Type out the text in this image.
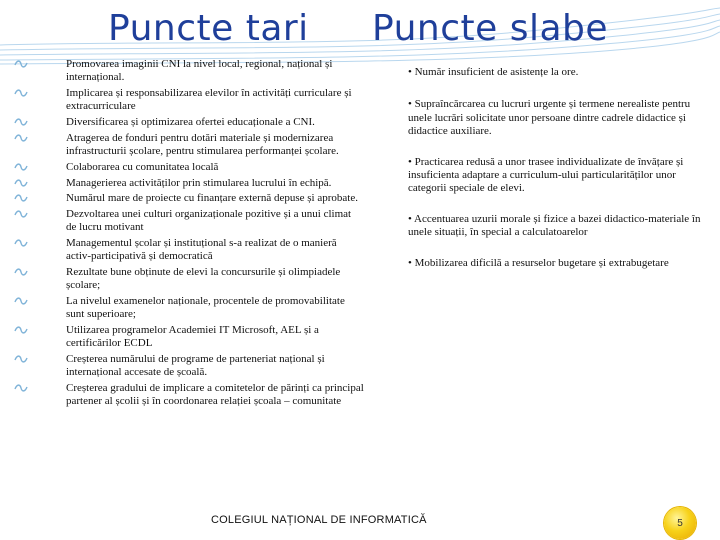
Puncte tari Puncte slabe
Promovarea imaginii CNI la nivel local, regional, național și internațional.
Implicarea și responsabilizarea elevilor în activități curriculare și extracurriculare
Diversificarea și optimizarea ofertei educaționale a CNI.
Atragerea de fonduri pentru dotări materiale și modernizarea infrastructurii școlare, pentru stimularea performanței școlare.
Colaborarea cu comunitatea locală
Managerierea activităților prin stimularea lucrului în echipă.
Numărul mare de proiecte cu finanțare externă depuse și aprobate.
Dezvoltarea unei culturi organizaționale pozitive și a unui climat de lucru motivant
Managementul școlar și instituțional s-a realizat de o manieră activ-participativă și democratică
Rezultate bune obținute de elevi la concursurile și olimpiadele școlare;
La nivelul examenelor naționale, procentele de promovabilitate sunt superioare;
Utilizarea programelor Academiei IT Microsoft, AEL și a certificărilor ECDL
Creșterea numărului de programe de parteneriat național și internațional accesate de școală.
Creșterea gradului de implicare a comitetelor de părinți ca principal partener al școlii și în coordonarea relației școala – comunitate
• Număr insuficient de asistențe la ore.
• Supraîncărcarea cu lucruri urgente și termene nerealiste pentru unele lucrări solicitate unor persoane dintre cadrele didactice și didactice auxiliare.
• Practicarea redusă a unor trasee individualizate de învățare și insuficienta adaptare a curriculum-ului particularităților unor categorii speciale de elevi.
• Accentuarea uzurii morale și fizice a bazei didactico-materiale în unele situații, în special a calculatoarelor
• Mobilizarea dificilă a resurselor bugetare și extrabugetare
COLEGIUL NAȚIONAL DE INFORMATICĂ	5
